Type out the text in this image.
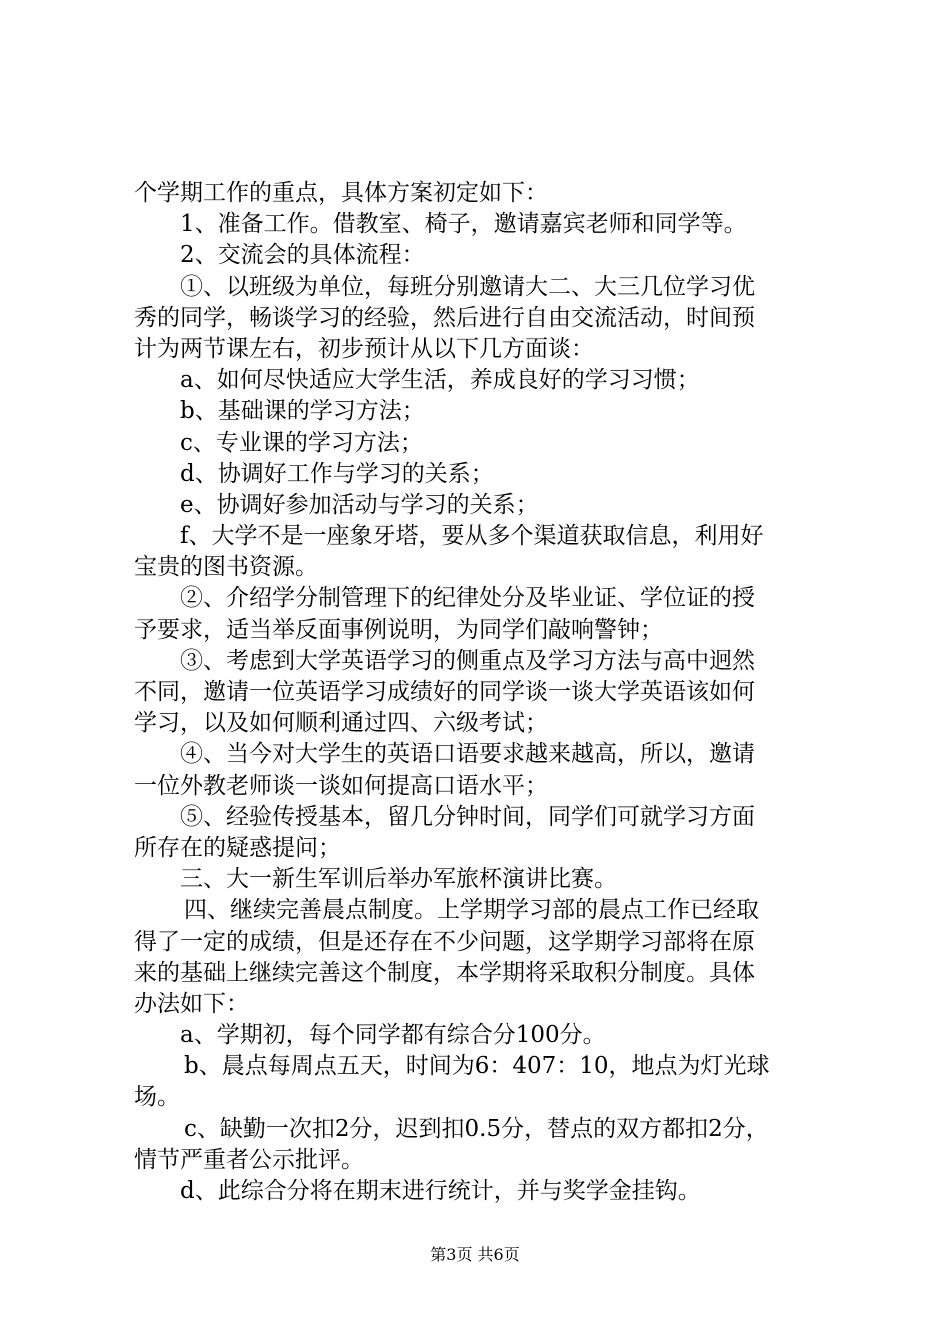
个学期工作的重点，具体方案初定如下：
1、准备工作。借教室、椅子，邀请嘉宾老师和同学等。
2、交流会的具体流程：
①、以班级为单位，每班分别邀请大二、大三几位学习优
秀的同学，畅谈学习的经验，然后进行自由交流活动，时间预
计为两节课左右，初步预计从以下几方面谈：
a、如何尽快适应大学生活，养成良好的学习习惯；
b、基础课的学习方法；
c、专业课的学习方法；
d、协调好工作与学习的关系；
e、协调好参加活动与学习的关系；
f、大学不是一座象牙塔，要从多个渠道获取信息，利用好
宝贵的图书资源。
②、介绍学分制管理下的纪律处分及毕业证、学位证的授
予要求，适当举反面事例说明，为同学们敲响警钟；
③、考虑到大学英语学习的侧重点及学习方法与高中迥然
不同，邀请一位英语学习成绩好的同学谈一谈大学英语该如何
学习，以及如何顺利通过四、六级考试；
④、当今对大学生的英语口语要求越来越高，所以，邀请
一位外教老师谈一谈如何提高口语水平；
⑤、经验传授基本，留几分钟时间，同学们可就学习方面
所存在的疑惑提问；
三、大一新生军训后举办军旅杯演讲比赛。
四、继续完善晨点制度。上学期学习部的晨点工作已经取
得了一定的成绩，但是还存在不少问题，这学期学习部将在原
来的基础上继续完善这个制度，本学期将采取积分制度。具体
办法如下：
a、学期初，每个同学都有综合分100分。
b、晨点每周点五天，时间为6：407：10，地点为灯光球
场。
c、缺勤一次扣2分，迟到扣0.5分，替点的双方都扣2分，
情节严重者公示批评。
d、此综合分将在期末进行统计，并与奖学金挂钩。
第3页 共6页
